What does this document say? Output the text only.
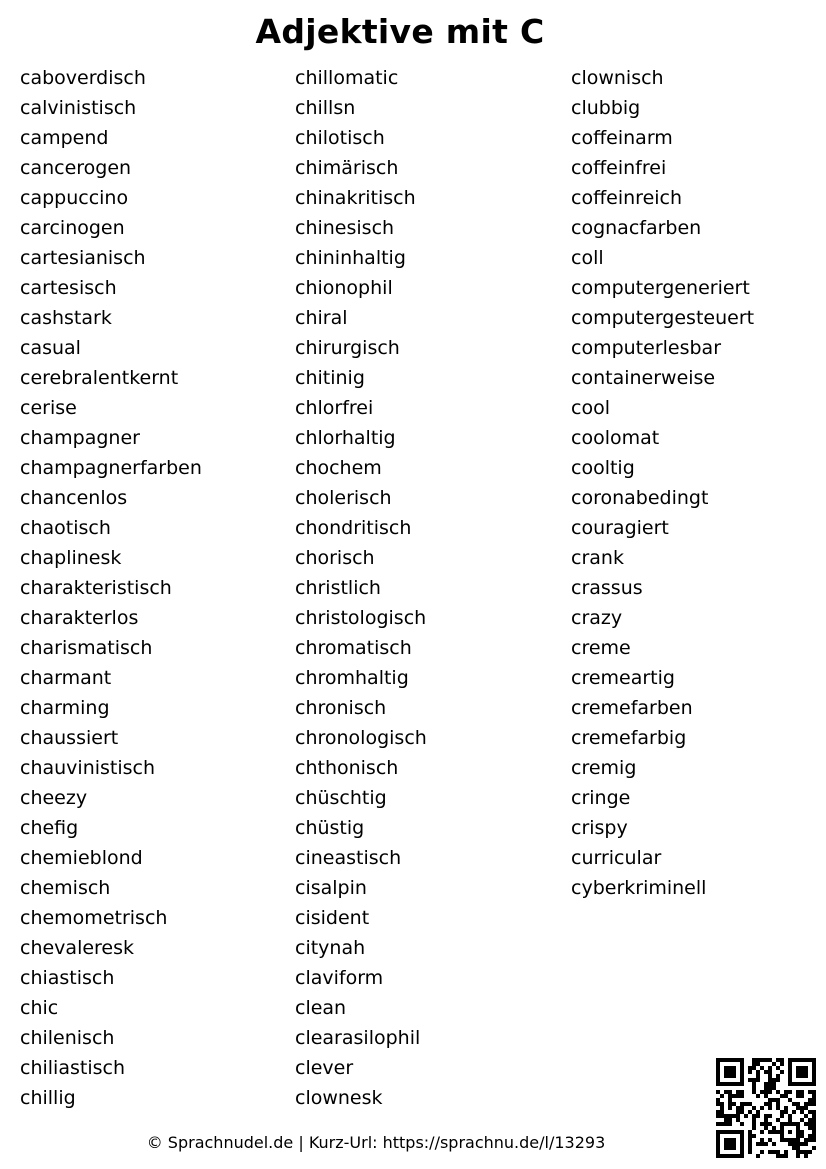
Adjektive mit C
caboverdisch
calvinistisch
campend
cancerogen
cappuccino
carcinogen
cartesianisch
cartesisch
cashstark
casual
cerebralentkernt
cerise
champagner
champagnerfarben
chancenlos
chaotisch
chaplinesk
charakteristisch
charakterlos
charismatisch
charmant
charming
chaussiert
chauvinistisch
cheezy
chefig
chemieblond
chemisch
chemometrisch
chevaleresk
chiastisch
chic
chilenisch
chiliastisch
chillig
chillomatic
chillsn
chilotisch
chimärisch
chinakritisch
chinesisch
chininhaltig
chionophil
chiral
chirurgisch
chitinig
chlorfrei
chlorhaltig
chochem
cholerisch
chondritisch
chorisch
christlich
christologisch
chromatisch
chromhaltig
chronisch
chronologisch
chthonisch
chüschtig
chüstig
cineastisch
cisalpin
cisident
citynah
claviform
clean
clearasilophil
clever
clownesk
clownisch
clubbig
coffeinarm
coffeinfrei
coffeinreich
cognacfarben
coll
computergeneriert
computergesteuert
computerlesbar
containerweise
cool
coolomat
cooltig
coronabedingt
couragiert
crank
crassus
crazy
creme
cremeartig
cremefarben
cremefarbig
cremig
cringe
crispy
curricular
cyberkriminell
© Sprachnudel.de | Kurz-Url: https://sprachnu.de/l/13293
